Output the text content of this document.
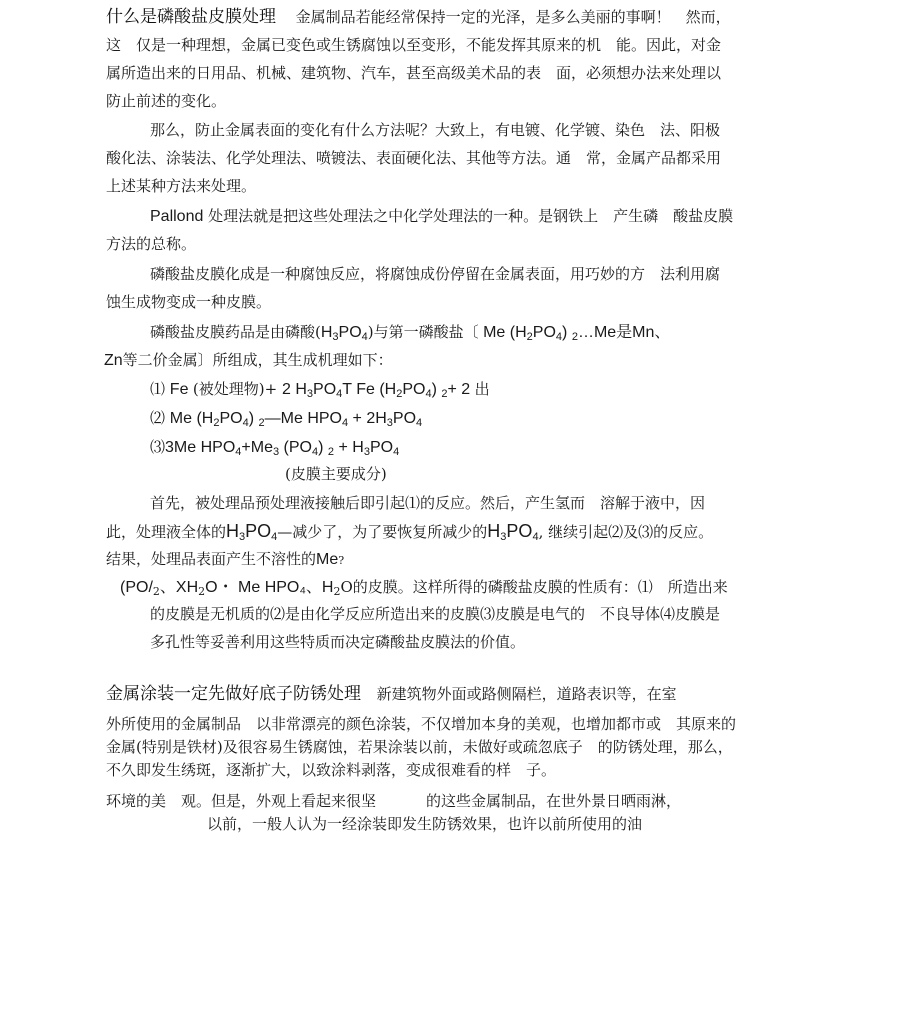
什么是磷酸盐皮膜处理 金属制品若能经常保持一定的光泽，是多么美丽的事啊！　然而，
这　仅是一种理想，金属已变色或生锈腐蚀以至变形，不能发挥其原来的机　能。因此，对金
属所造出来的日用品、机械、建筑物、汽车，甚至高级美术品的表　面，必须想办法来处理以
防止前述的变化。
那么，防止金属表面的变化有什么方法呢？大致上，有电镀、化学镀、染色　法、阳极
酸化法、涂装法、化学处理法、喷镀法、表面硬化法、其他等方法。通　常，金属产品都采用
上述某种方法来处理。
Pallond 处理法就是把这些处理法之中化学处理法的一种。是钢铁上　产生磷　酸盐皮膜
方法的总称。
磷酸盐皮膜化成是一种腐蚀反应，将腐蚀成份停留在金属表面，用巧妙的方　法利用腐
蚀生成物变成一种皮膜。
磷酸盐皮膜药品是由磷酸$(H_3PO_4)$与第一磷酸盐〔 Me $(H_2PO_4)$ $_2$…Me是Mn、
Zn等二价金属〕所组成，其生成机理如下：
⑴ Fe (被处理物)+ 2 $H_3PO_4T$ Fe $(H_2PO_4)$ $_2$+ 2 出
⑵ Me $(H_2PO_4)$ $_2$—Me $HPO_4 + 2H_3PO_4$
⑶3Me $HPO_4+Me_3$ $(PO_4) _2 + H_3PO_4$
(皮膜主要成分)
首先，被处理品预处理液接触后即引起⑴的反应。然后，产生氢而　溶解于液中，因
此，处理液全体的$H_3PO_4—$减少了，为了要恢复所减少的$H_3PO_4$, 继续引起⑵及⑶的反应。
结果，处理品表面产生不溶性的Me?
($PO/_2$、$XH_2O$・ Me HPO₄、$H_2O$的皮膜。这样所得的磷酸盐皮膜的性质有：⑴　所造出来
的皮膜是无机质的⑵是由化学反应所造出来的皮膜⑶皮膜是电气的　不良导体⑷皮膜是
多孔性等妥善利用这些特质而决定磷酸盐皮膜法的价值。
金属涂装一定先做好底子防锈处理 新建筑物外面或路侧隔栏，道路表识等，在室
外所使用的金属制品　以非常漂亮的颜色涂装，不仅增加本身的美观，也增加都市或　其原来的
金属(特别是铁材)及很容易生锈腐蚀，若果涂装以前，未做好或疏忽底子　的防锈处理，那么，
不久即发生绣斑，逐渐扩大，以致涂料剥落，变成很难看的样　子。
环境的美　观。但是，外观上看起来很坚	的这些金属制品，在世外景日晒雨淋，
以前，一般人认为一经涂装即发生防锈效果，也许以前所使用的油
